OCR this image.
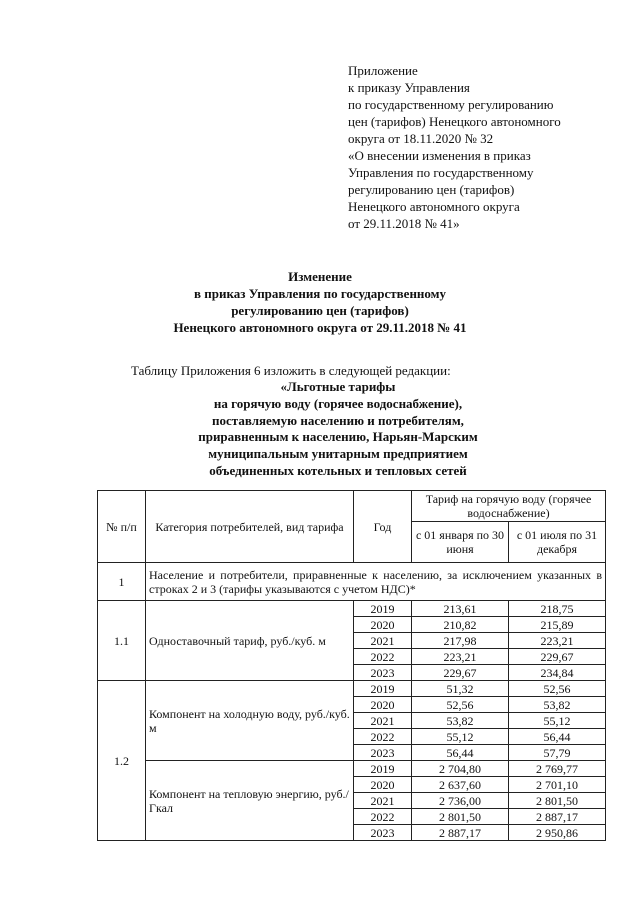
Приложение
к приказу Управления
по государственному регулированию
цен (тарифов) Ненецкого автономного
округа от 18.11.2020 № 32
«О внесении изменения в приказ
Управления по государственному
регулированию цен (тарифов)
Ненецкого автономного округа
от 29.11.2018 № 41»
Изменение
в приказ Управления по государственному
регулированию цен (тарифов)
Ненецкого автономного округа от 29.11.2018 № 41
Таблицу Приложения 6 изложить в следующей редакции:
«Льготные тарифы
на горячую воду (горячее водоснабжение),
поставляемую населению и потребителям,
приравненным к населению, Нарьян-Марским
муниципальным унитарным предприятием
объединенных котельных и тепловых сетей
№ п/п	Категория потребителей, вид тарифа	Год	Тариф на горячую воду (горячее водоснабжение)	
			с 01 января по 30 июня	с 01 июля по 31 декабря
1	Население и потребители, приравненные к населению, за исключением указанных в строках 2 и 3 (тарифы указываются с учетом НДС)*			
1.1	Одноставочный тариф, руб./куб. м	2019	213,61	218,75
		2020	210,82	215,89
		2021	217,98	223,21
		2022	223,21	229,67
		2023	229,67	234,84
1.2	Компонент на холодную воду, руб./куб. м	2019	51,32	52,56
		2020	52,56	53,82
		2021	53,82	55,12
		2022	55,12	56,44
		2023	56,44	57,79
	Компонент на тепловую энергию, руб./Гкал	2019	2 704,80	2 769,77
		2020	2 637,60	2 701,10
		2021	2 736,00	2 801,50
		2022	2 801,50	2 887,17
		2023	2 887,17	2 950,86
